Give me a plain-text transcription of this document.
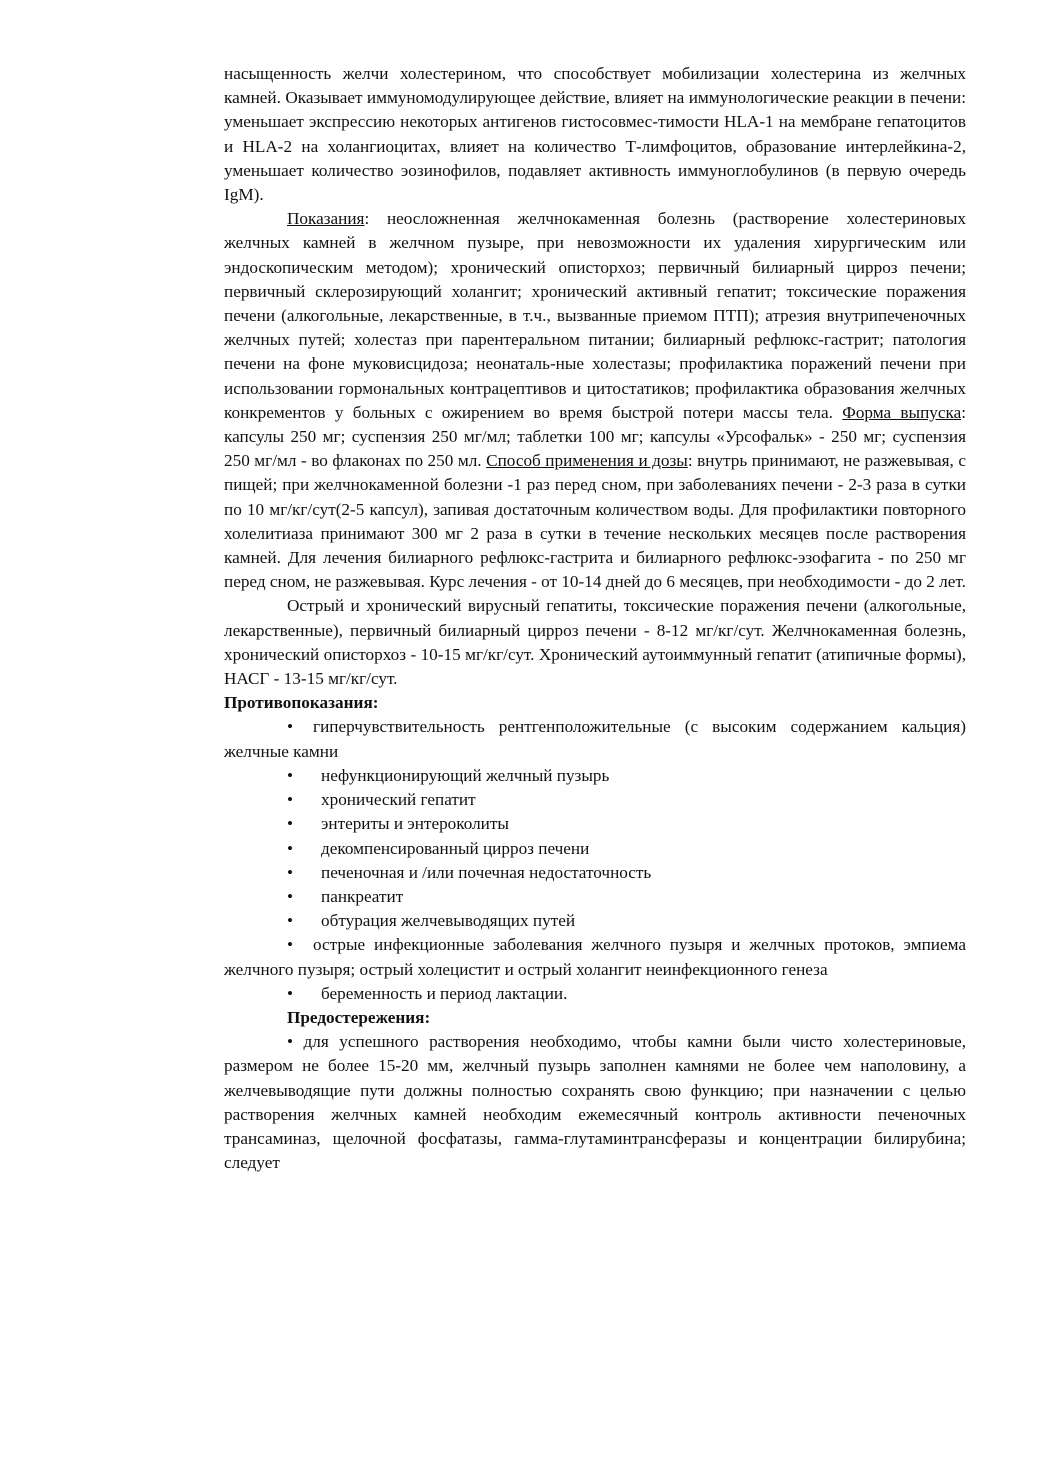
насыщенность желчи холестерином, что способствует мобилизации холестерина из желчных камней. Оказывает иммуномодулирующее действие, влияет на иммунологические реакции в печени: уменьшает экспрессию некоторых антигенов гистосовмес-тимости HLA-1 на мембране гепатоцитов и HLA-2 на холангиоцитах, влияет на количество Т-лимфоцитов, образование интерлейкина-2, уменьшает количество эозинофилов, подавляет активность иммуноглобулинов (в первую очередь IgM).

Показания: неосложненная желчнокаменная болезнь (растворение холестериновых желчных камней в желчном пузыре, при невозможности их удаления хирургическим или эндоскопическим методом); хронический описторхоз; первичный билиарный цирроз печени; первичный склерозирующий холангит; хронический активный гепатит; токсические поражения печени (алкогольные, лекарственные, в т.ч., вызванные приемом ПТП); атрезия внутрипеченочных желчных путей; холестаз при парентеральном питании; билиарный рефлюкс-гастрит; патология печени на фоне муковисцидоза; неонаталь-ные холестазы; профилактика поражений печени при использовании гормональных контрацептивов и цитостатиков; профилактика образования желчных конкрементов у больных с ожирением во время быстрой потери массы тела. Форма выпуска: капсулы 250 мг; суспензия 250 мг/мл; таблетки 100 мг; капсулы «Урсофальк» - 250 мг; суспензия 250 мг/мл - во флаконах по 250 мл. Способ применения и дозы: внутрь принимают, не разжевывая, с пищей; при желчнокаменной болезни -1 раз перед сном, при заболеваниях печени - 2-3 раза в сутки по 10 мг/кг/сут(2-5 капсул), запивая достаточным количеством воды. Для профилактики повторного холелитиаза принимают 300 мг 2 раза в сутки в течение нескольких месяцев после растворения камней. Для лечения билиарного рефлюкс-гастрита и билиарного рефлюкс-эзофагита - по 250 мг перед сном, не разжевывая. Курс лечения - от 10-14 дней до 6 месяцев, при необходимости - до 2 лет.

Острый и хронический вирусный гепатиты, токсические поражения печени (алкогольные, лекарственные), первичный билиарный цирроз печени - 8-12 мг/кг/сут. Желчнокаменная болезнь, хронический описторхоз - 10-15 мг/кг/сут. Хронический аутоиммунный гепатит (атипичные формы), НАСГ - 13-15 мг/кг/сут.

Противопоказания:

• гиперчувствительность рентгенположительные (с высоким содержанием кальция) желчные камни

• нефункционирующий желчный пузырь

• хронический гепатит

• энтериты и энтероколиты

• декомпенсированный цирроз печени

• печеночная и /или почечная недостаточность

• панкреатит

• обтурация желчевыводящих путей

• острые инфекционные заболевания желчного пузыря и желчных протоков, эмпиема желчного пузыря; острый холецистит и острый холангит неинфекционного генеза

• беременность и период лактации.

Предостережения:

• для успешного растворения необходимо, чтобы камни были чисто холестериновые, размером не более 15-20 мм, желчный пузырь заполнен камнями не более чем наполовину, а желчевыводящие пути должны полностью сохранять свою функцию; при назначении с целью растворения желчных камней необходим ежемесячный контроль активности печеночных трансаминаз, щелочной фосфатазы, гамма-глутаминтрансферазы и концентрации билирубина; следует
